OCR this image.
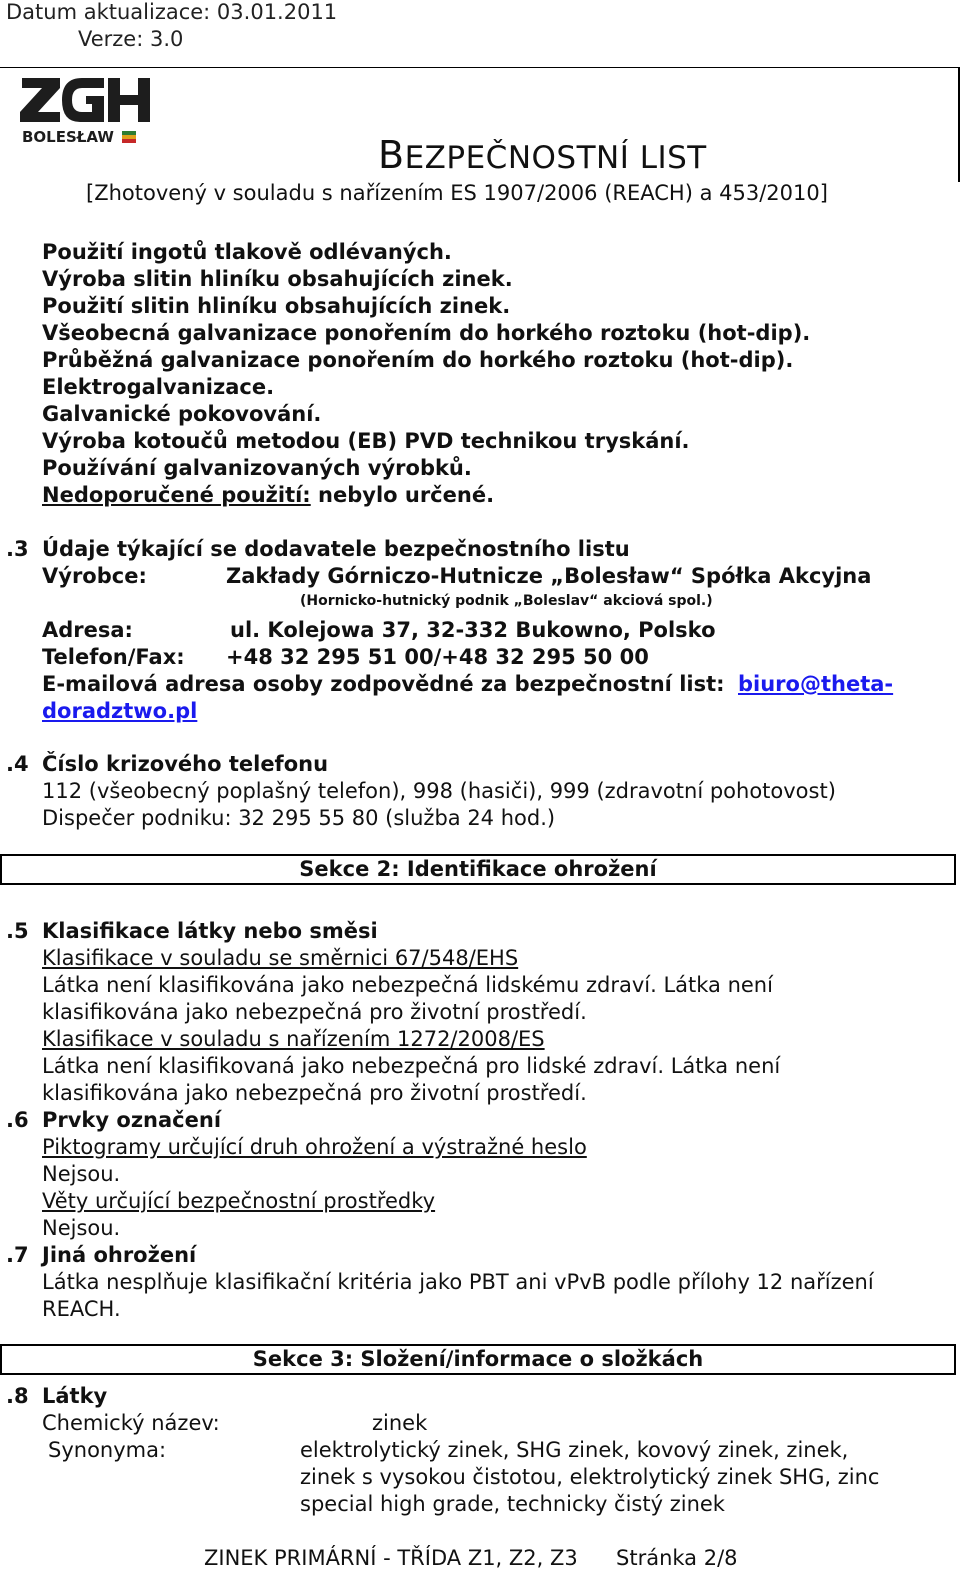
Datum aktualizace: 03.01.2011
Verze: 3.0
BOLESŁAW	BEZPEČNOSTNÍ LIST
[Zhotovený v souladu s nařízením ES 1907/2006 (REACH) a 453/2010]
Použití ingotů tlakově odlévaných.
Výroba slitin hliníku obsahujících zinek.
Použití slitin hliníku obsahujících zinek.
Všeobecná galvanizace ponořením do horkého roztoku (hot-dip).
Průběžná galvanizace ponořením do horkého roztoku (hot-dip).
Elektrogalvanizace.
Galvanické pokovování.
Výroba kotoučů metodou (EB) PVD technikou tryskání.
Používání galvanizovaných výrobků.
Nedoporučené použití: nebylo určené.
.3 Údaje týkající se dodavatele bezpečnostního listu
Výrobce:	Zakłady Górniczo-Hutnicze „Bolesław“ Spółka Akcyjna
(Hornicko-hutnický podnik „Boleslav“ akciová spol.)
Adresa:	ul. Kolejowa 37, 32-332 Bukowno, Polsko
Telefon/Fax: +48 32 295 51 00/+48 32 295 50 00
E-mailová adresa osoby zodpovědné za bezpečnostní list: biuro@theta-
doradztwo.pl
.4 Číslo krizového telefonu
112 (všeobecný poplašný telefon), 998 (hasiči), 999 (zdravotní pohotovost)
Dispečer podniku: 32 295 55 80 (služba 24 hod.)
Sekce 2: Identifikace ohrožení
.5 Klasifikace látky nebo směsi
Klasifikace v souladu se směrnici 67/548/EHS
Látka není klasifikována jako nebezpečná lidskému zdraví. Látka není
klasifikována jako nebezpečná pro životní prostředí.
Klasifikace v souladu s nařízením 1272/2008/ES
Látka není klasifikovaná jako nebezpečná pro lidské zdraví. Látka není
klasifikována jako nebezpečná pro životní prostředí.
.6 Prvky označení
Piktogramy určující druh ohrožení a výstražné heslo
Nejsou.
Věty určující bezpečnostní prostředky
Nejsou.
.7 Jiná ohrožení
Látka nesplňuje klasifikační kritéria jako PBT ani vPvB podle přílohy 12 nařízení
REACH.
Sekce 3: Složení/informace o složkách
.8 Látky
Chemický název:	zinek
Synonyma:	elektrolytický zinek, SHG zinek, kovový zinek, zinek,
zinek s vysokou čistotou, elektrolytický zinek SHG, zinc
special high grade, technicky čistý zinek
ZINEK PRIMÁRNÍ - TŘÍDA Z1, Z2, Z3 Stránka 2/8
